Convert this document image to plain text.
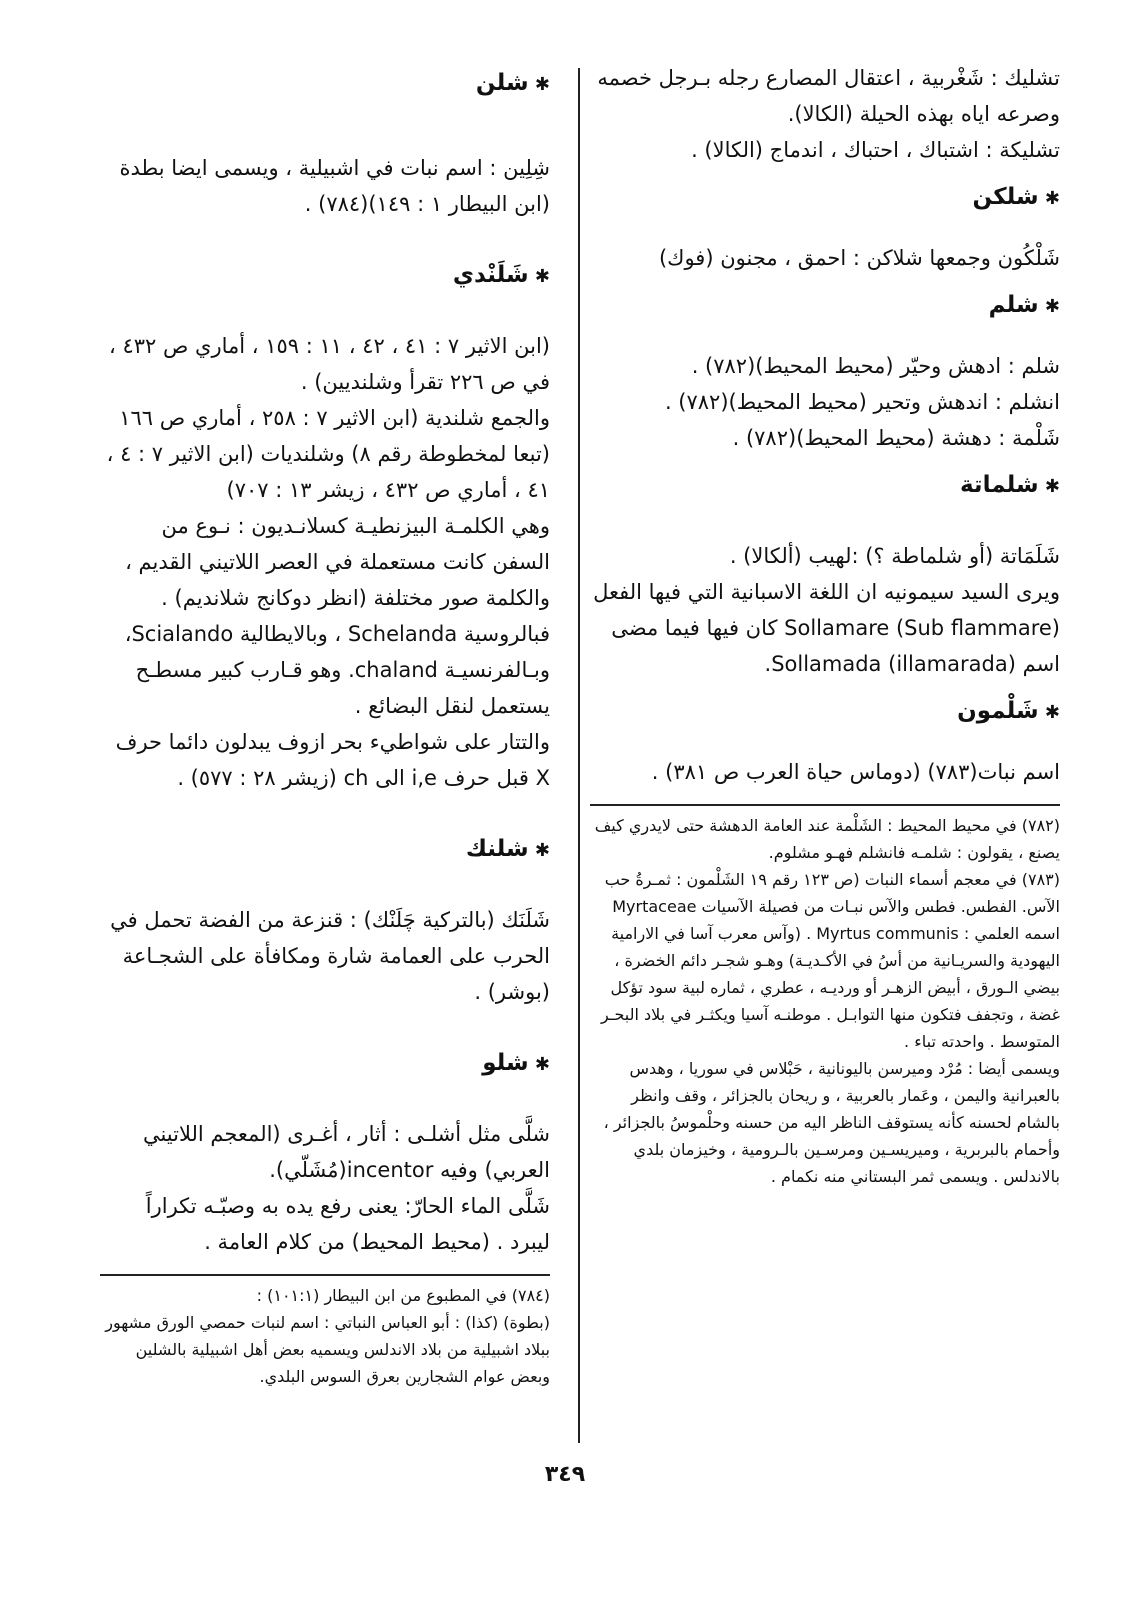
تشليك : شَغْربية ، اعتقال المصارع رجله بـرجل خصمه وصرعه اياه بهذه الحيلة (الكالا).

تشليكة : اشتباك ، احتباك ، اندماج (الكالا) .

✱ شلكن

شَلْكُون وجمعها شلاكن : احمق ، مجنون (فوك)

✱ شلم

شلم : ادهش وحيّر (محيط المحيط)(٧٨٢) .

انشلم : اندهش وتحير (محيط المحيط)(٧٨٢) .

شَلْمة : دهشة (محيط المحيط)(٧٨٢) .

✱ شلماتة

شَلَمَاتة (أو شلماطة ؟) :لهيب (ألكالا) .

ويرى السيد سيمونيه ان اللغة الاسبانية التي فيها الفعل (Sub flammare) Sollamare كان فيها فيما مضى اسم (illamarada) Sollamada.

✱ شَلْمون

اسم نبات(٧٨٣) (دوماس حياة العرب ص ٣٨١) .

(٧٨٢) في محيط المحيط : الشَلْمة عند العامة الدهشة حتى لايدري كيف يصنع ، يقولون : شلمـه فانشلم فهـو مشلوم.

(٧٨٣) في معجم أسماء النبات (ص ١٢٣ رقم ١٩ الشَلْمون : ثمـرةُ حب الآس. الفطس. فطس والآس نبـات من فصيلة الآسيات Myrtaceae اسمه العلمي : Myrtus communis . (وآس معرب آسا في الارامية اليهودية والسريـانية من أسُ في الأكـديـة) وهـو شجـر دائم الخضرة ، بيضي الـورق ، أبيض الزهـر أو ورديـه ، عطري ، ثماره لبية سود تؤكل غضة ، وتجفف فتكون منها التوابـل . موطنـه آسيا ويكثـر في بلاد البحـر المتوسط . واحدته تباء .

ويسمى أيضا : مُرْد وميرسن باليونانية ، حَبْلاس في سوريا ، وهدس بالعبرانية واليمن ، وعَمار بالعربية ، و ريحان بالجزائر ، وقف وانظر بالشام لحسنه كأنه يستوقف الناظر اليه من حسنه وحلْموسُ بالجزائر ، وأحمام بالبربرية ، وميريسـين ومرسـين بالـرومية ، وخيزمان بلدي بالاندلس . ويسمى ثمر البستاني منه نكمام .

✱ شلن

شِلِين : اسم نبات في اشبيلية ، ويسمى ايضا بطدة (ابن البيطار ١ : ١٤٩)(٧٨٤) .

✱ شَلَنْدي

(ابن الاثير ٧ : ٤١ ، ٤٢ ، ١١ : ١٥٩ ، أماري ص ٤٣٢ ، في ص ٢٢٦ تقرأ وشلنديين) .

والجمع شلندية (ابن الاثير ٧ : ٢٥٨ ، أماري ص ١٦٦ (تبعا لمخطوطة رقم ٨) وشلنديات (ابن الاثير ٧ : ٤ ، ٤١ ، أماري ص ٤٣٢ ، زيشر ١٣ : ٧٠٧)

وهي الكلمـة البيزنطيـة كسلانـديون : نـوع من السفن كانت مستعملة في العصر اللاتيني القديم ، والكلمة صور مختلفة (انظر دوكانج شلانديم) . فبالروسية Schelanda ، وبالايطالية Scialando، وبـالفرنسيـة chaland. وهو قـارب كبير مسطـح يستعمل لنقل البضائع .

والتتار على شواطيء بحر ازوف يبدلون دائما حرف X قبل حرف i,e الى ch (زيشر ٢٨ : ٥٧٧) .

✱ شلنك

شَلَنَك (بالتركية چَلَنْك) : قنزعة من الفضة تحمل في الحرب على العمامة شارة ومكافأة على الشجـاعة (بوشر) .

✱ شلو

شلَّى مثل أشلـى : أثار ، أغـرى (المعجم اللاتيني العربي) وفيه incentor(مُشَلّي).

شَلَّى الماء الحارّ: يعنى رفع يده به وصبّـه تكراراً ليبرد . (محيط المحيط) من كلام العامة .

(٧٨٤) في المطبوع من ابن البيطار (١٠١:١) :

(بطوة) (كذا) : أبو العباس النباتي : اسم لنبات حمصي الورق مشهور ببلاد اشبيلية من بلاد الاندلس ويسميه بعض أهل اشبيلية بالشلين وبعض عوام الشجارين بعرق السوس البلدي.

٣٤٩
